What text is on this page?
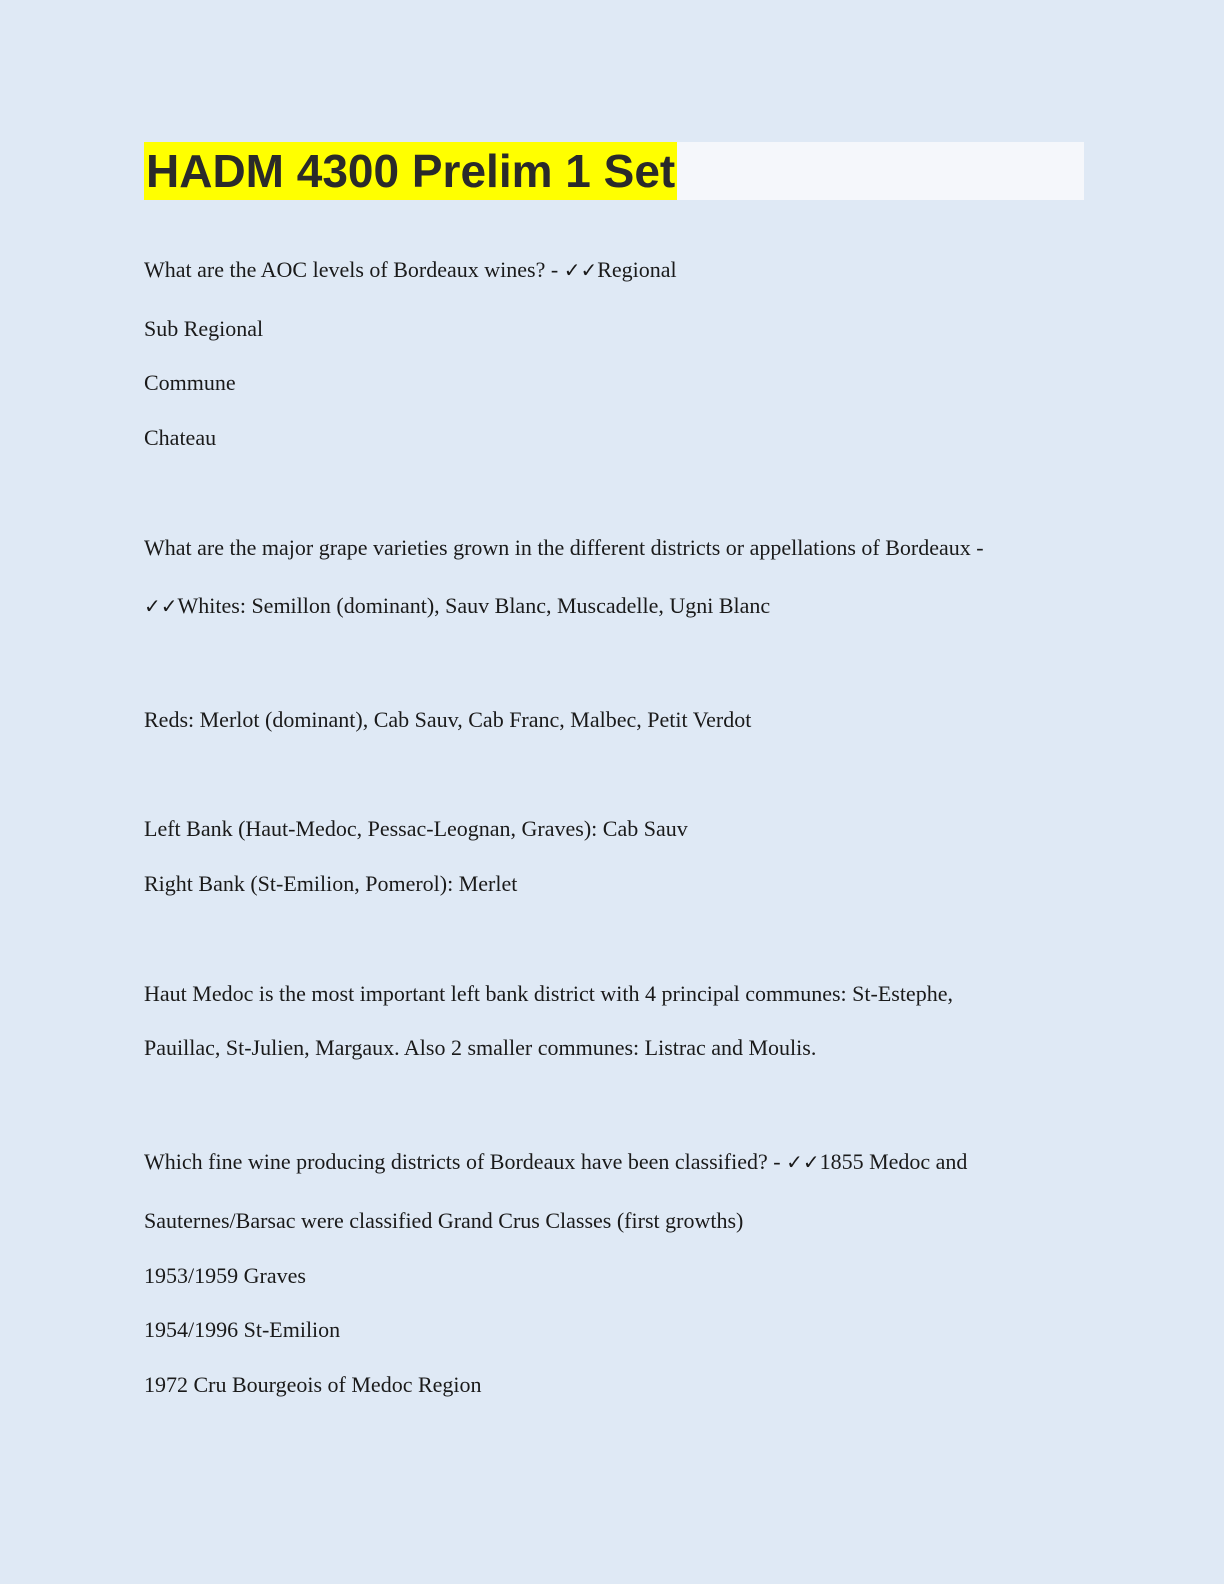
HADM 4300 Prelim 1 Set
What are the AOC levels of Bordeaux wines? - ✓✓Regional
Sub Regional
Commune
Chateau
What are the major grape varieties grown in the different districts or appellations of Bordeaux -
✓✓Whites: Semillon (dominant), Sauv Blanc, Muscadelle, Ugni Blanc
Reds: Merlot (dominant), Cab Sauv, Cab Franc, Malbec, Petit Verdot
Left Bank (Haut-Medoc, Pessac-Leognan, Graves): Cab Sauv
Right Bank (St-Emilion, Pomerol): Merlet
Haut Medoc is the most important left bank district with 4 principal communes: St-Estephe,
Pauillac, St-Julien, Margaux. Also 2 smaller communes: Listrac and Moulis.
Which fine wine producing districts of Bordeaux have been classified? - ✓✓1855 Medoc and
Sauternes/Barsac were classified Grand Crus Classes (first growths)
1953/1959 Graves
1954/1996 St-Emilion
1972 Cru Bourgeois of Medoc Region
